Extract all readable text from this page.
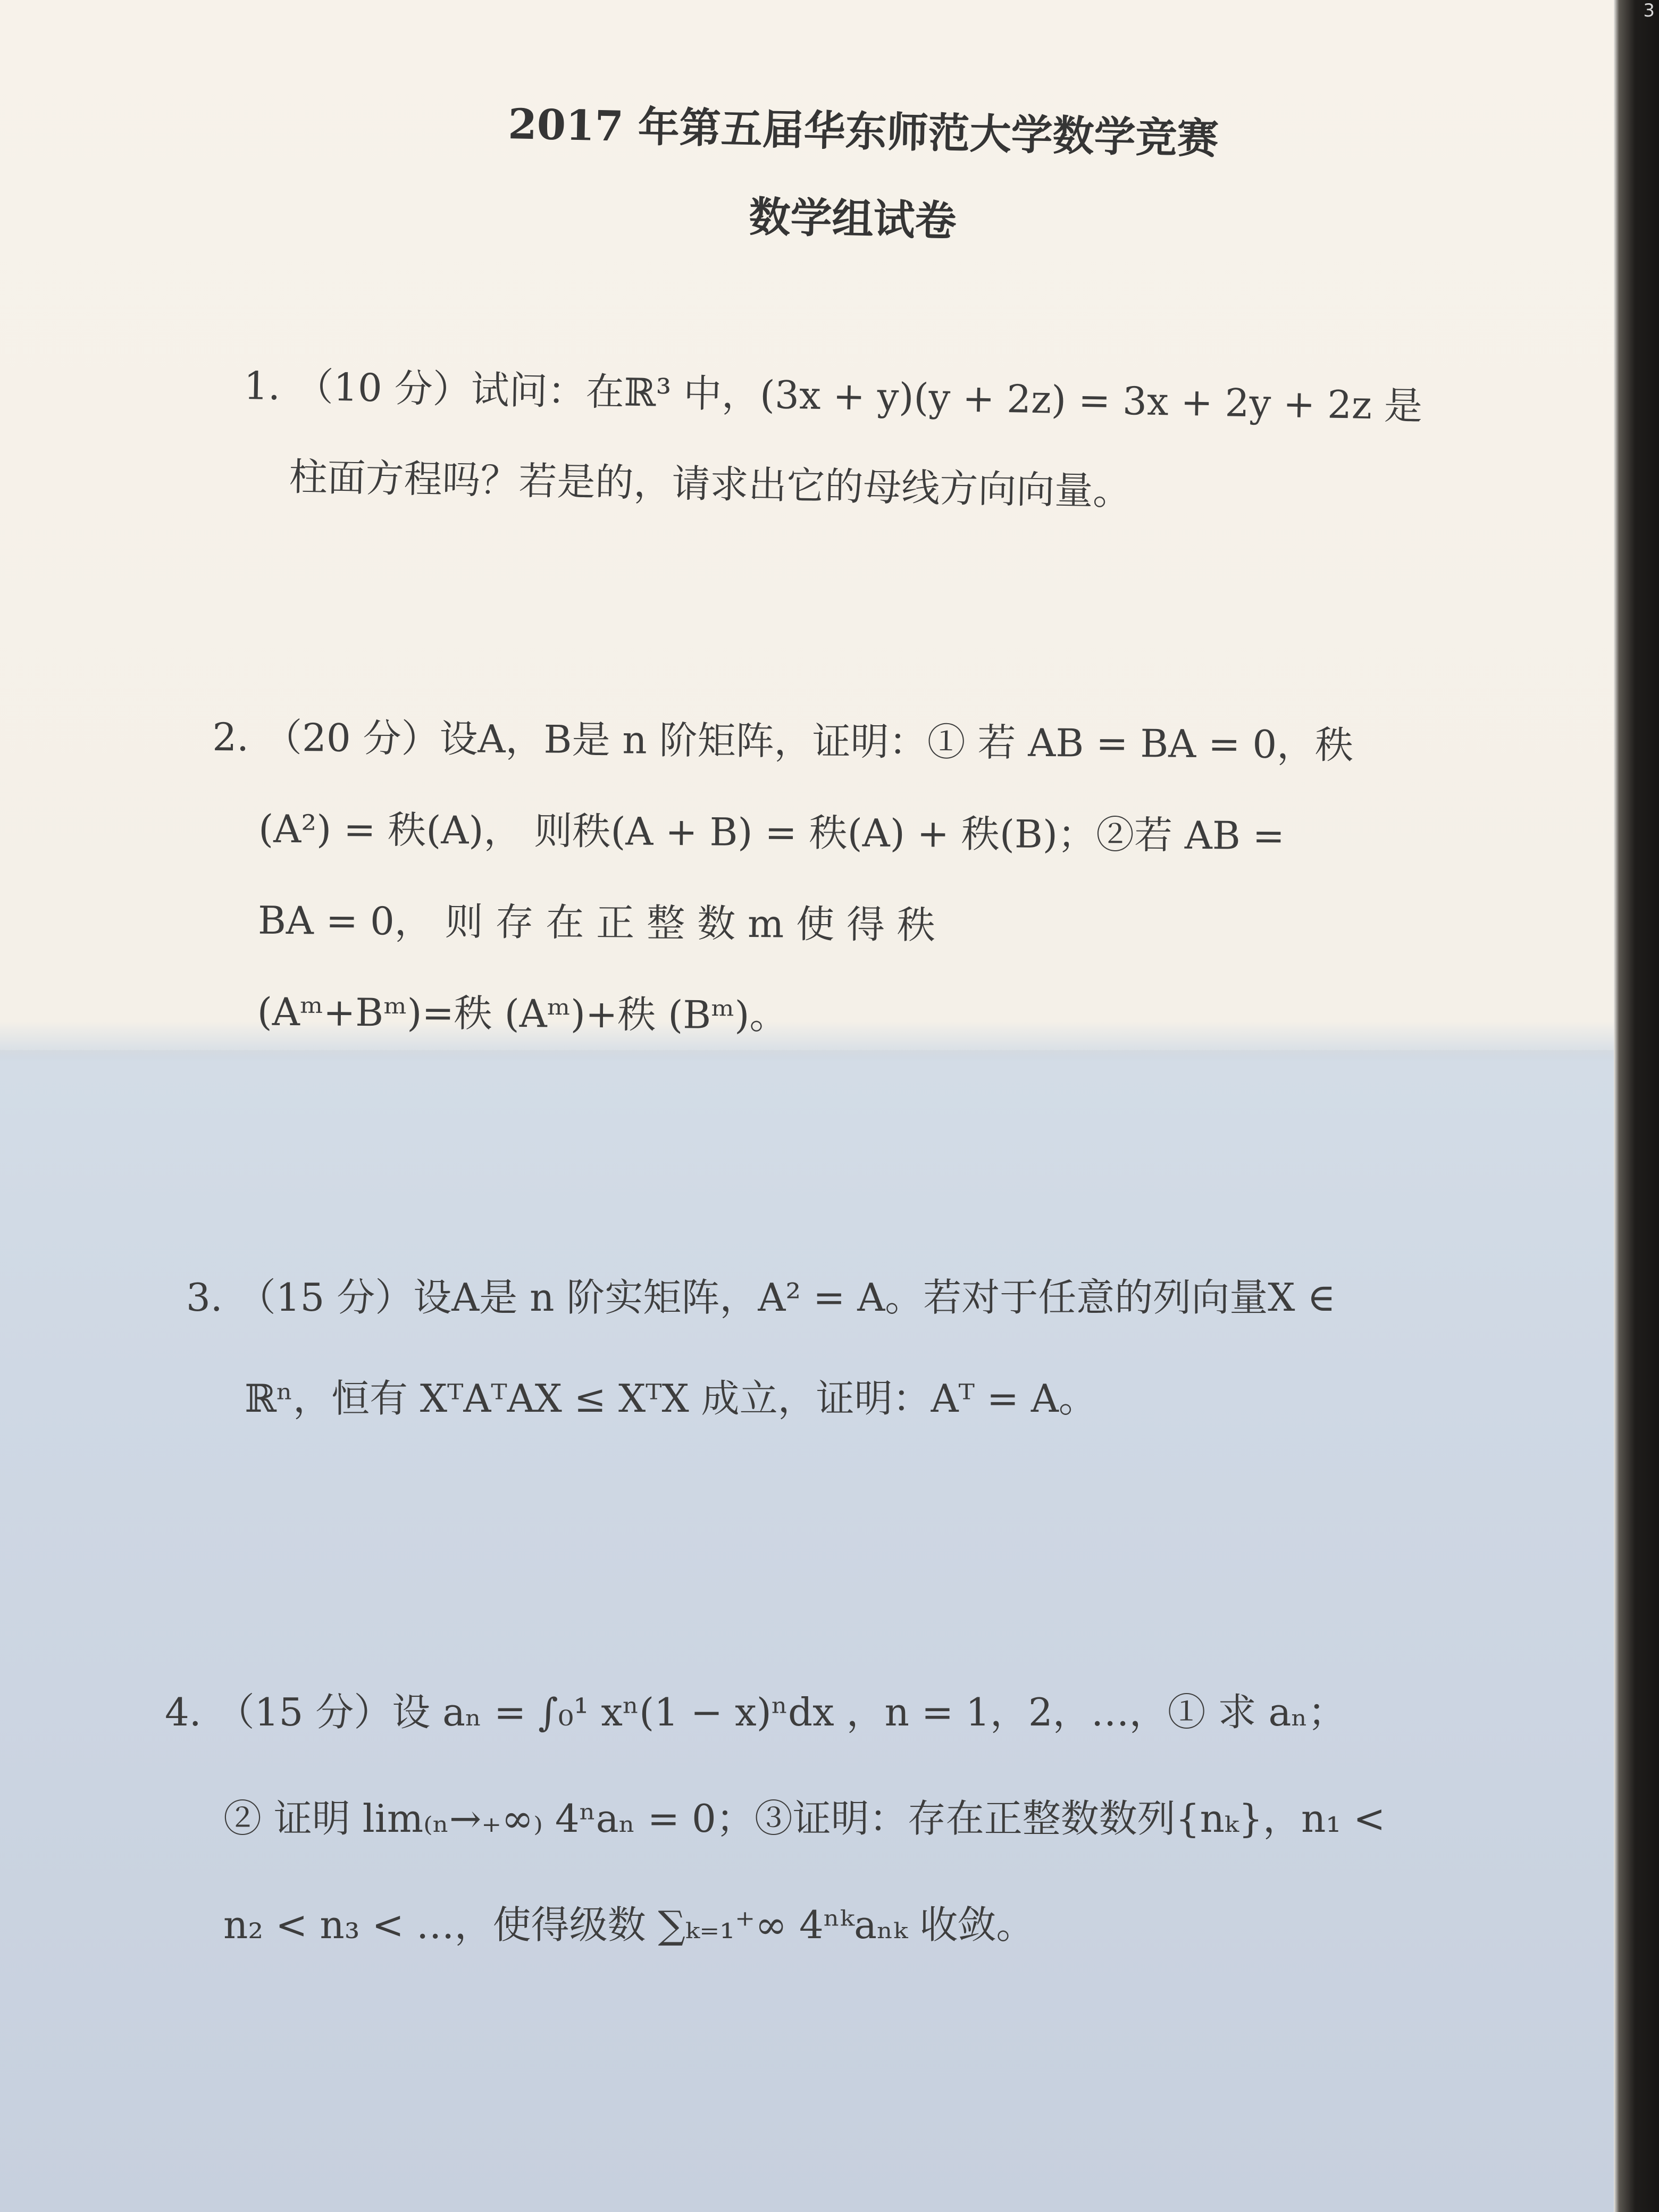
2017 年第五届华东师范大学数学竞赛
数学组试卷
1. （10 分）试问：在ℝ³ 中，(3x + y)(y + 2z) = 3x + 2y + 2z 是
柱面方程吗？若是的，请求出它的母线方向向量。
2. （20 分）设A，B是 n 阶矩阵，证明：① 若 AB = BA = 0，秩
(A²) = 秩(A)， 则秩(A + B) = 秩(A) + 秩(B)；②若 AB =
BA = 0， 则 存 在 正 整 数 m 使 得 秩
(Aᵐ+Bᵐ)=秩 (Aᵐ)+秩 (Bᵐ)。
3. （15 分）设A是 n 阶实矩阵，A² = A。若对于任意的列向量X ∈
ℝⁿ，恒有 XᵀAᵀAX ≤ XᵀX 成立，证明：Aᵀ = A。
4. （15 分）设 aₙ = ∫₀¹ xⁿ(1 − x)ⁿdx ，n = 1，2，…，① 求 aₙ；
② 证明 lim₍ₙ→₊∞₎ 4ⁿaₙ = 0；③证明：存在正整数数列{nₖ}，n₁ <
n₂ < n₃ < …，使得级数 ∑ₖ₌₁⁺∞ 4ⁿᵏaₙₖ 收敛。
3
